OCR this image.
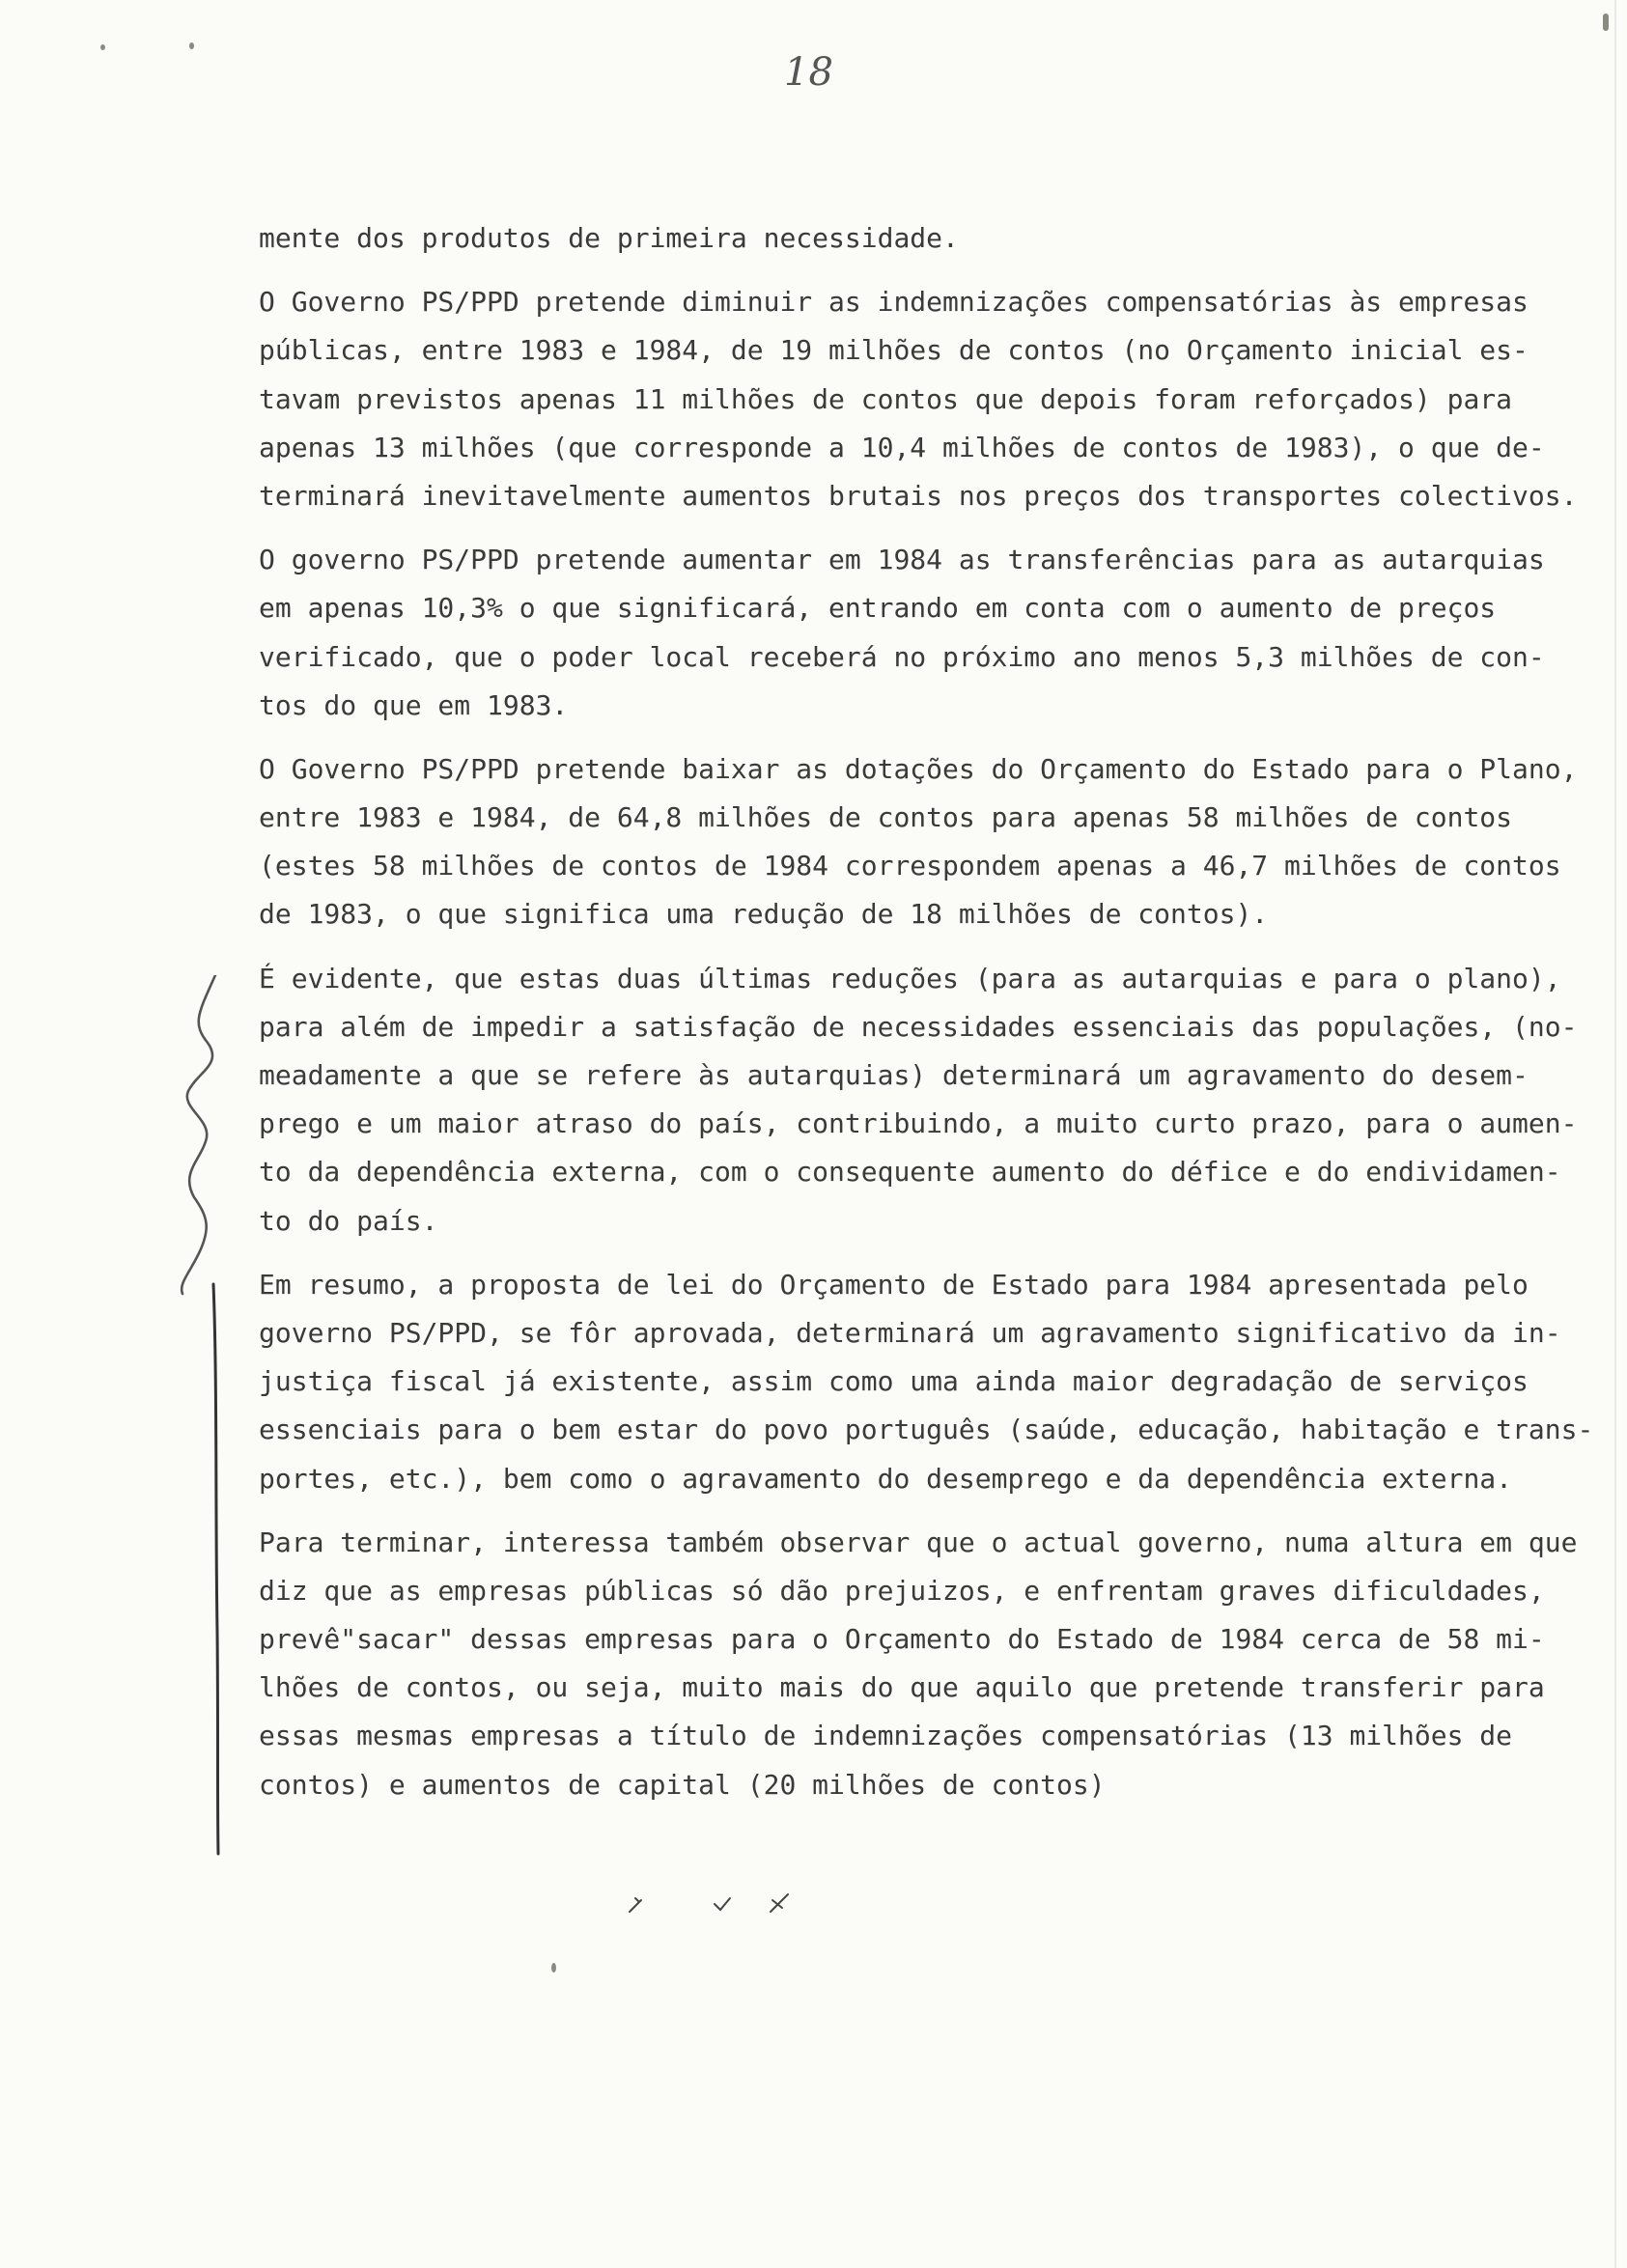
18
mente dos produtos de primeira necessidade.
O Governo PS/PPD pretende diminuir as indemnizações compensatórias às empresas
públicas, entre 1983 e 1984, de 19 milhões de contos (no Orçamento inicial es-
tavam previstos apenas 11 milhões de contos que depois foram reforçados) para
apenas 13 milhões (que corresponde a 10,4 milhões de contos de 1983), o que de-
terminará inevitavelmente aumentos brutais nos preços dos transportes colectivos.
O governo PS/PPD pretende aumentar em 1984 as transferências para as autarquias
em apenas 10,3% o que significará, entrando em conta com o aumento de preços
verificado, que o poder local receberá no próximo ano menos 5,3 milhões de con-
tos do que em 1983.
O Governo PS/PPD pretende baixar as dotações do Orçamento do Estado para o Plano,
entre 1983 e 1984, de 64,8 milhões de contos para apenas 58 milhões de contos
(estes 58 milhões de contos de 1984 correspondem apenas a 46,7 milhões de contos
de 1983, o que significa uma redução de 18 milhões de contos).
É evidente, que estas duas últimas reduções (para as autarquias e para o plano),
para além de impedir a satisfação de necessidades essenciais das populações, (no-
meadamente a que se refere às autarquias) determinará um agravamento do desem-
prego e um maior atraso do país, contribuindo, a muito curto prazo, para o aumen-
to da dependência externa, com o consequente aumento do défice e do endividamen-
to do país.
Em resumo, a proposta de lei do Orçamento de Estado para 1984 apresentada pelo
governo PS/PPD, se fôr aprovada, determinará um agravamento significativo da in-
justiça fiscal já existente, assim como uma ainda maior degradação de serviços
essenciais para o bem estar do povo português (saúde, educação, habitação e trans-
portes, etc.), bem como o agravamento do desemprego e da dependência externa.
Para terminar, interessa também observar que o actual governo, numa altura em que
diz que as empresas públicas só dão prejuizos, e enfrentam graves dificuldades,
prevê"sacar" dessas empresas para o Orçamento do Estado de 1984 cerca de 58 mi-
lhões de contos, ou seja, muito mais do que aquilo que pretende transferir para
essas mesmas empresas a título de indemnizações compensatórias (13 milhões de
contos) e aumentos de capital (20 milhões de contos)
